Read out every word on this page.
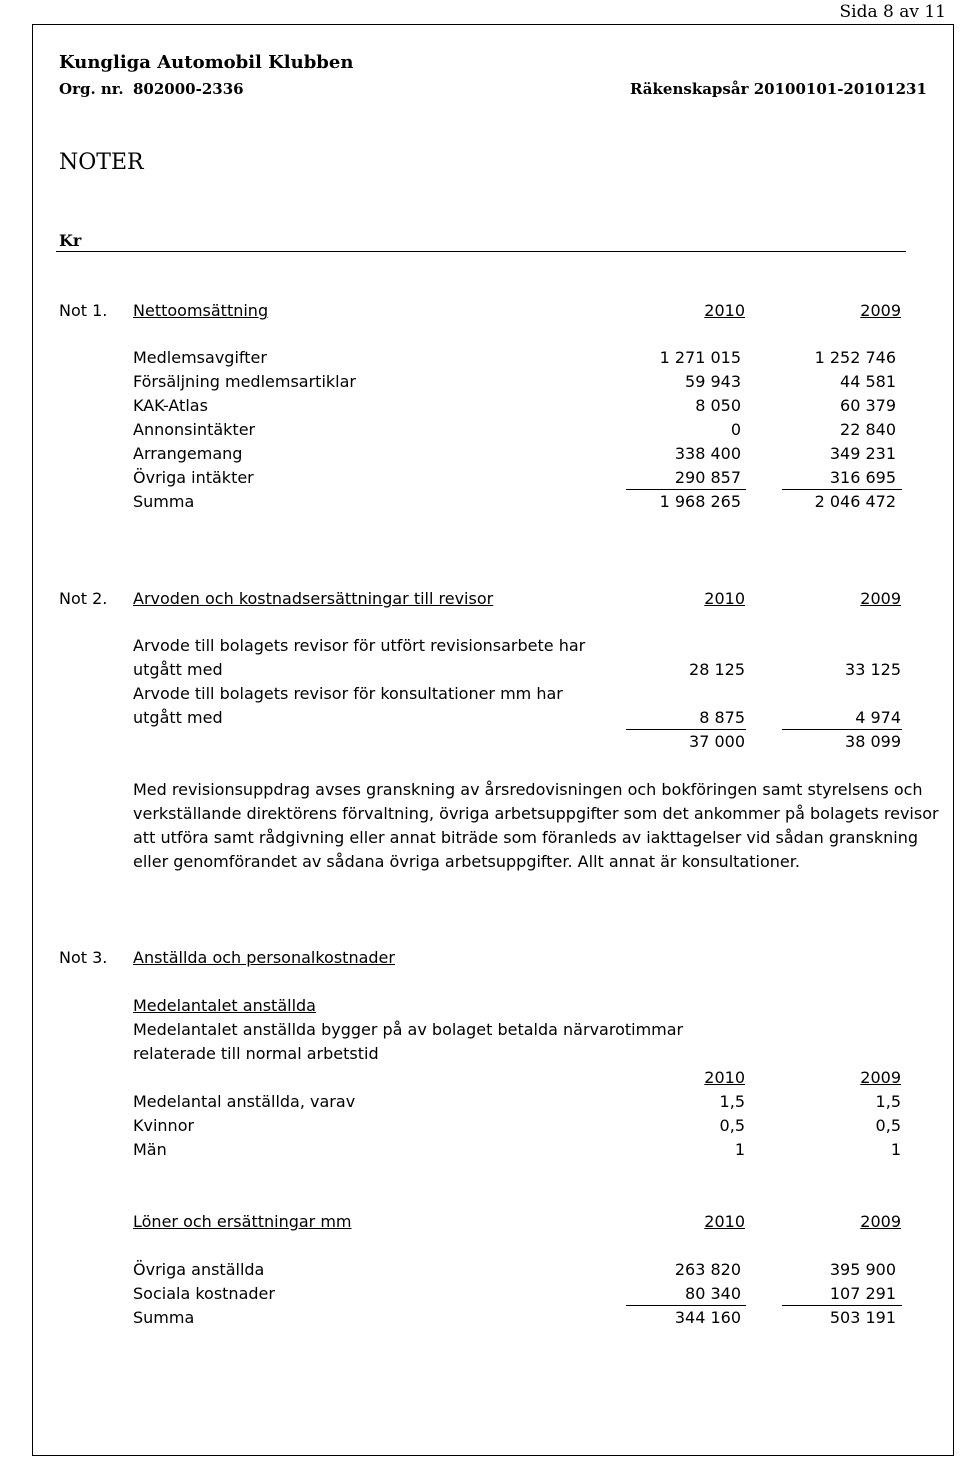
Sida 8 av 11
Kungliga Automobil Klubben
Org. nr. 802000-2336	Räkenskapsår 20100101-20101231
NOTER
Kr
Not 1. Nettoomsättning	2010	2009
Medlemsavgifter	1 271 015	1 252 746
Försäljning medlemsartiklar	59 943	44 581
KAK-Atlas	8 050	60 379
Annonsintäkter	0	22 840
Arrangemang	338 400	349 231
Övriga intäkter	290 857	316 695
Summa	1 968 265	2 046 472
Not 2. Arvoden och kostnadsersättningar till revisor	2010	2009
Arvode till bolagets revisor för utfört revisionsarbete har
utgått med	28 125	33 125
Arvode till bolagets revisor för konsultationer mm har
utgått med	8 875	4 974
37 000	38 099
Med revisionsuppdrag avses granskning av årsredovisningen och bokföringen samt styrelsens och
verkställande direktörens förvaltning, övriga arbetsuppgifter som det ankommer på bolagets revisor
att utföra samt rådgivning eller annat biträde som föranleds av iakttagelser vid sådan granskning
eller genomförandet av sådana övriga arbetsuppgifter. Allt annat är konsultationer.
Not 3. Anställda och personalkostnader
Medelantalet anställda
Medelantalet anställda bygger på av bolaget betalda närvarotimmar
relaterade till normal arbetstid
2010	2009
Medelantal anställda, varav	1,5	1,5
Kvinnor	0,5	0,5
Män	1	1
Löner och ersättningar mm	2010	2009
Övriga anställda	263 820	395 900
Sociala kostnader	80 340	107 291
Summa	344 160	503 191
